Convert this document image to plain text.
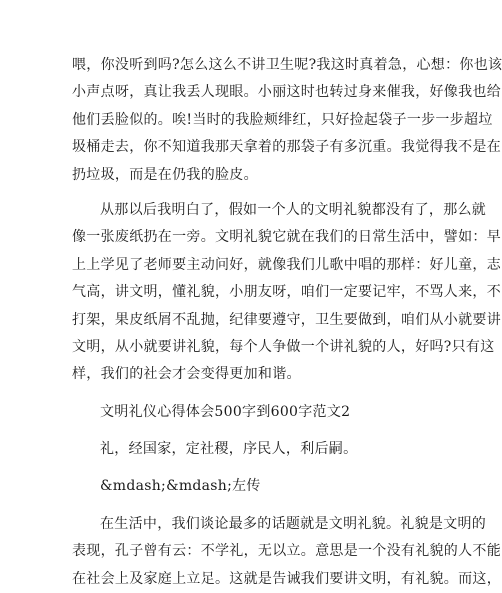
喂，你没听到吗?怎么这么不讲卫生呢?我这时真着急，心想：你也该
小声点呀，真让我丢人现眼。小丽这时也转过身来催我，好像我也给
他们丢脸似的。唉!当时的我脸颊绯红，只好捡起袋子一步一步超垃
圾桶走去，你不知道我那天拿着的那袋子有多沉重。我觉得我不是在
扔垃圾，而是在仍我的脸皮。
从那以后我明白了，假如一个人的文明礼貌都没有了，那么就
像一张废纸扔在一旁。文明礼貌它就在我们的日常生活中，譬如：早
上上学见了老师要主动问好，就像我们儿歌中唱的那样：好儿童，志
气高，讲文明，懂礼貌，小朋友呀，咱们一定要记牢，不骂人来，不
打架，果皮纸屑不乱抛，纪律要遵守，卫生要做到，咱们从小就要讲
文明，从小就要讲礼貌，每个人争做一个讲礼貌的人，好吗?只有这
样，我们的社会才会变得更加和谐。
文明礼仪心得体会500字到600字范文2
礼，经国家，定社稷，序民人，利后嗣。
&mdash;&mdash;左传
在生活中，我们谈论最多的话题就是文明礼貌。礼貌是文明的
表现，孔子曾有云：不学礼，无以立。意思是一个没有礼貌的人不能
在社会上及家庭上立足。这就是告诫我们要讲文明，有礼貌。而这，
